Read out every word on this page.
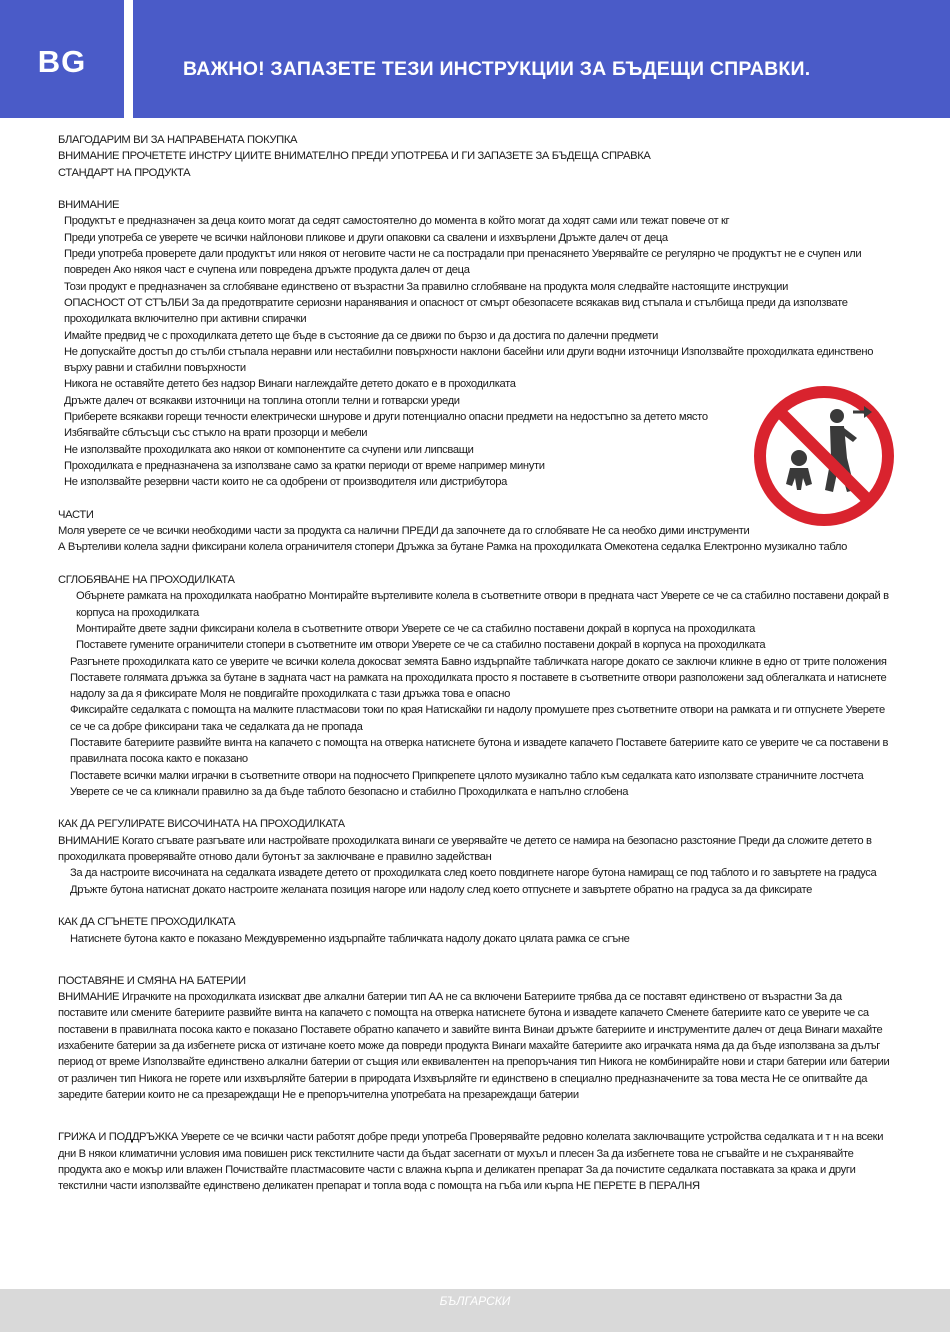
BG	ВАЖНО! ЗАПАЗЕТЕ ТЕЗИ ИНСТРУКЦИИ ЗА БЪДЕЩИ СПРАВКИ.

БЛАГОДАРИМ ВИ ЗА НАПРАВЕНАТА ПОКУПКА

ВНИМАНИЕ ПРОЧЕТЕТЕ ИНСТРУ ЦИИТЕ ВНИМАТЕЛНО ПРЕДИ УПОТРЕБА И ГИ ЗАПАЗЕТЕ ЗА БЪДЕЩА СПРАВКА

СТАНДАРТ НА ПРОДУКТА

ВНИМАНИЕ

Продуктът е предназначен за деца които могат да седят самостоятелно до момента в който могат да ходят сами или тежат повече от кг

Преди употреба се уверете че всички найлонови пликове и други опаковки са свалени и изхвърлени Дръжте далеч от деца

Преди употреба проверете дали продуктът или някоя от неговите части не са пострадали при пренасянето Уверявайте се регулярно че продуктът не е счупен или повреден Ако някоя част е счупена или повредена дръжте продукта далеч от деца

Този продукт е предназначен за сглобяване единствено от възрастни За правилно сглобяване на продукта моля следвайте настоящите инструкции

ОПАСНОСТ ОТ СТЪЛБИ За да предотвратите сериозни наранявания и опасност от смърт обезопасете всякакав вид стъпала и стълбища преди да използвате проходилката включително при активни спирачки

Имайте предвид че с проходилката детето ще бъде в състояние да се движи по бързо и да достига по далечни предмети

Не допускайте достъп до стълби стъпала неравни или нестабилни повърхности наклони басейни или други водни източници Използвайте проходилката единствено върху равни и стабилни повърхности

Никога не оставяйте детето без надзор Винаги наглеждайте детето докато е в проходилката

Дръжте далеч от всякакви източници на топлина отопли телни и готварски уреди

Приберете всякакви горещи течности електрически шнурове и други потенциално опасни предмети на недостъпно за детето място

Избягвайте сблъсъци със стъкло на врати прозорци и мебели

Не използвайте проходилката ако някои от компонентите са счупени или липсващи

Проходилката е предназначена за използване само за кратки периоди от време например минути

Не използвайте резервни части които не са одобрени от производителя или дистрибутора

ЧАСТИ

Моля уверете се че всички необходими части за продукта са налични ПРЕДИ да започнете да го сглобявате Не са необхо дими инструменти

А Въртеливи колела задни фиксирани колела ограничителя стопери Дръжка за бутане Рамка на проходилката Омекотена седалка Електронно музикално табло

СГЛОБЯВАНЕ НА ПРОХОДИЛКАТА

Обърнете рамката на проходилката наобратно Монтирайте въртеливите колела в съответните отвори в предната част Уверете се че са стабилно поставени докрай в корпуса на проходилката

Монтирайте двете задни фиксирани колела в съответните отвори Уверете се че са стабилно поставени докрай в корпуса на проходилката

Поставете гумените ограничители стопери в съответните им отвори Уверете се че са стабилно поставени докрай в корпуса на проходилката

Разгънете проходилката като се уверите че всички колела докосват земята Бавно издърпайте табличката нагоре докато се заключи кликне в едно от трите положения

Поставете голямата дръжка за бутане в задната част на рамката на проходилката просто я поставете в съответните отвори разположени зад облегалката и натиснете надолу за да я фиксирате Моля не повдигайте проходилката с тази дръжка това е опасно

Фиксирайте седалката с помощта на малките пластмасови токи по края Натискайки ги надолу промушете през съответните отвори на рамката и ги отпуснете Уверете се че са добре фиксирани така че седалката да не пропада

Поставите батериите развийте винта на капачето с помощта на отверка натиснете бутона и извадете капачето Поставете батериите като се уверите че са поставени в правилната посока както е показано

Поставете всички малки играчки в съответните отвори на подносчето Припкрепете цялото музикално табло към седалката като използвате страничните лостчета Уверете се че са кликнали правилно за да бъде таблото безопасно и стабилно Проходилката е напълно сглобена

КАК ДА РЕГУЛИРАТЕ ВИСОЧИНАТА НА ПРОХОДИЛКАТА

ВНИМАНИЕ Когато сгъвате разгъвате или настройвате проходилката винаги се уверявайте че детето се намира на безопасно разстояние Преди да сложите детето в проходилката проверявайте отново дали бутонът за заключване е правилно задействан

За да настроите височината на седалката извадете детето от проходилката след което повдигнете нагоре бутона намиращ се под таблото и го завъртете на градуса Дръжте бутона натиснат докато настроите желаната позиция нагоре или надолу след което отпуснете и завъртете обратно на градуса за да фиксирате

КАК ДА СГЪНЕТЕ ПРОХОДИЛКАТА

Натиснете бутона както е показано Междувременно издърпайте табличката надолу докато цялата рамка се сгъне

ПОСТАВЯНЕ И СМЯНА НА БАТЕРИИ

ВНИМАНИЕ Играчките на проходилката изискват две алкални батерии тип АА не са включени Батериите трябва да се поставят единствено от възрастни За да поставите или смените батериите развийте винта на капачето с помощта на отверка натиснете бутона и извадете капачето Сменете батериите като се уверите че са поставени в правилната посока както е показано Поставете обратно капачето и завийте винта Винаи дръжте батериите и инструментите далеч от деца Винаги махайте изхабените батерии за да избегнете риска от изтичане което може да повреди продукта Винаги махайте батериите ако играчката няма да да бъде използвана за дълъг период от време Използвайте единствено алкални батерии от същия или еквивалентен на препоръчания тип Никога не комбинирайте нови и стари батерии или батерии от различен тип Никога не горете или изхвърляйте батерии в природата Изхвърляйте ги единствено в специално предназначените за това места Не се опитвайте да заредите батерии които не са презареждащи Не е препоръчителна употребата на презареждащи батерии

ГРИЖА И ПОДДРЪЖКА Уверете се че всички части работят добре преди употреба Проверявайте редовно колелата заключващите устройства седалката и т н на всеки дни В някои климатични условия има повишен риск текстилните части да бъдат засегнати от мухъл и плесен За да избегнете това не сгъвайте и не съхранявайте продукта ако е мокър или влажен Почиствайте пластмасовите части с влажна кърпа и деликатен препарат За да почистите седалката поставката за крака и други текстилни части използвайте единствено деликатен препарат и топла вода с помощта на гъба или кърпа НЕ ПЕРЕТЕ В ПЕРАЛНЯ

БЪЛГАРСКИ
